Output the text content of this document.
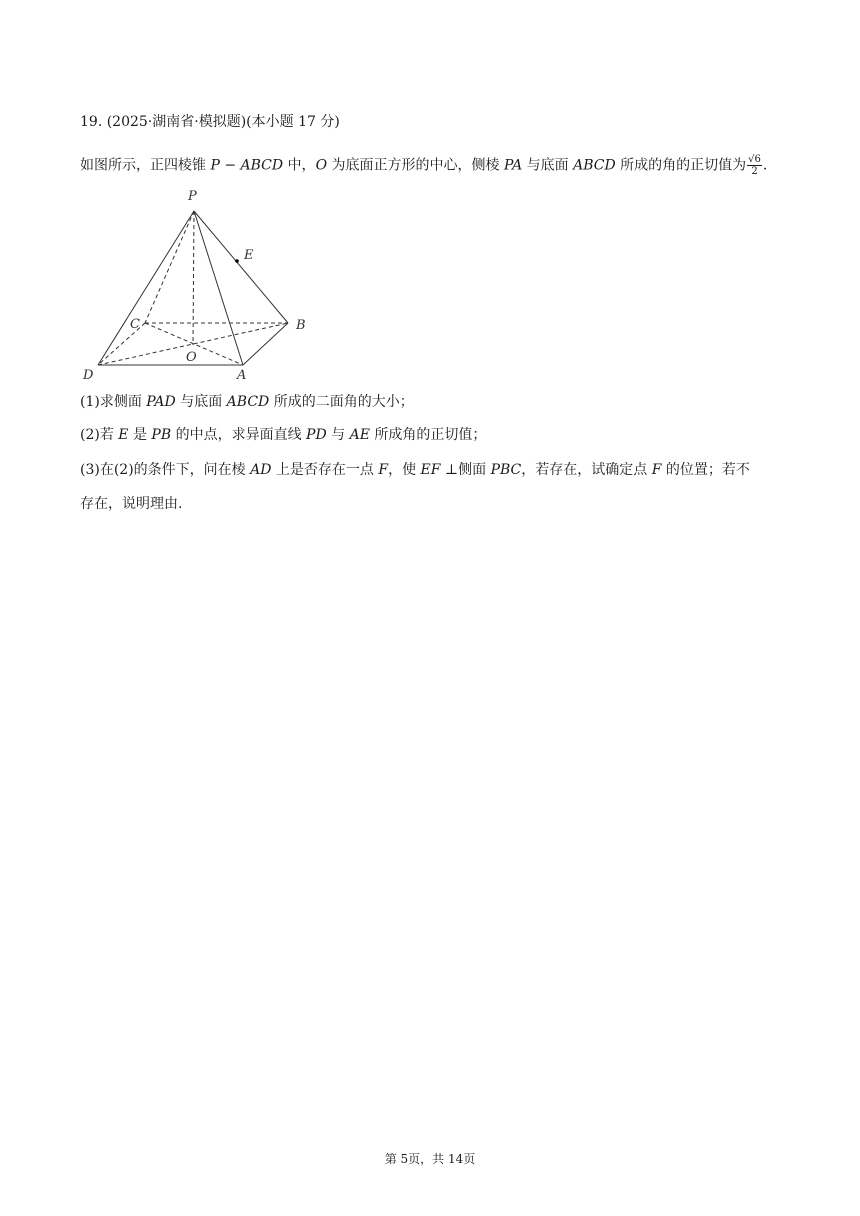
19. (2025·湖南省·模拟题)(本小题 17 分)
如图所示，正四棱锥 P − ABCD 中，O 为底面正方形的中心，侧棱 PA 与底面 ABCD 所成的角的正切值为 $\frac{√6}{2}$ .
P
E
C	B
O
D	A
(1)求侧面 PAD 与底面 ABCD 所成的二面角的大小；
(2)若 E 是 PB 的中点，求异面直线 PD 与 AE 所成角的正切值；
(3)在(2)的条件下，问在棱 AD 上是否存在一点 F，使 EF ⊥侧面 PBC，若存在，试确定点 F 的位置；若不
存在，说明理由.
第 5页，共 14页
